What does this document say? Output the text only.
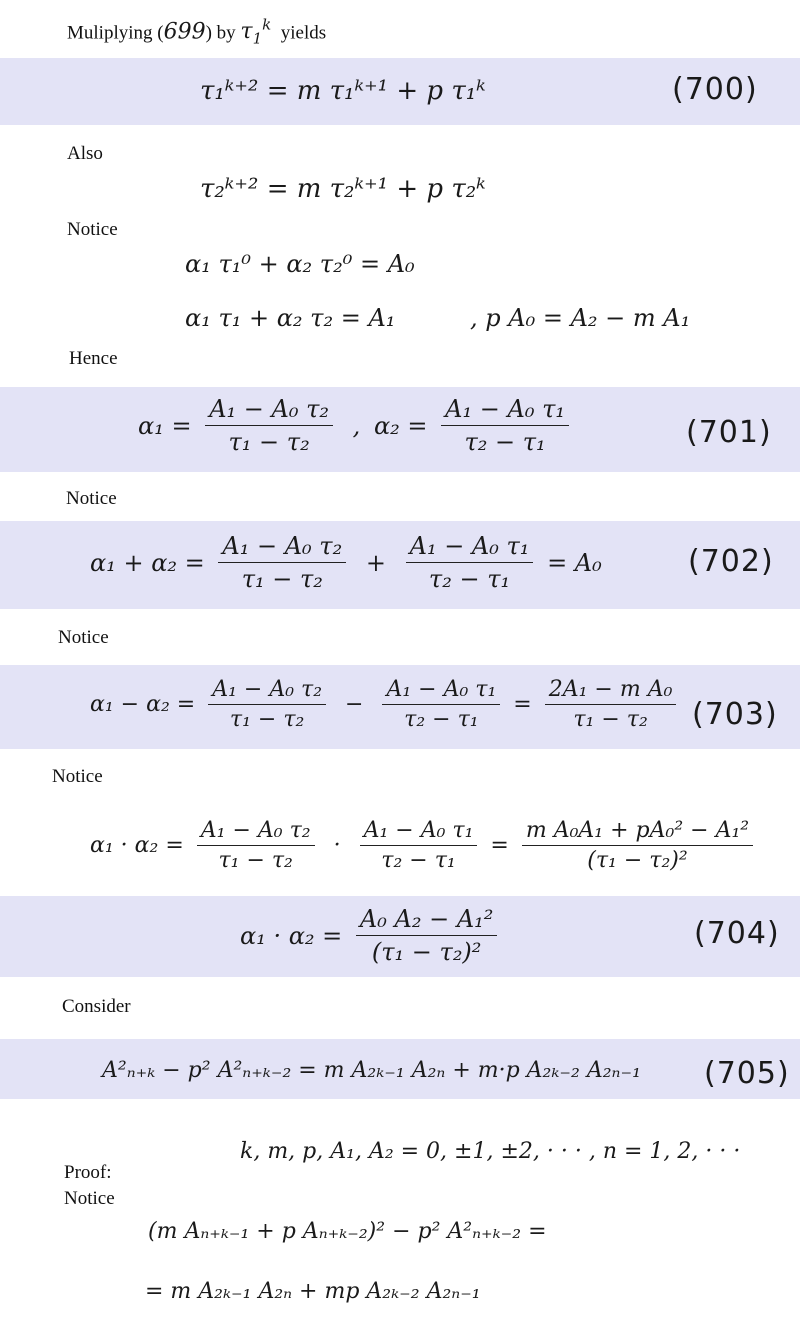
Muliplying (699) by $\tau_1^k$ yields
τ₁ᵏ⁺² = m τ₁ᵏ⁺¹ + p τ₁ᵏ	(700)
Also
τ₂ᵏ⁺² = m τ₂ᵏ⁺¹ + p τ₂ᵏ
Notice
α₁ τ₁⁰ + α₂ τ₂⁰ = A₀
α₁ τ₁ + α₂ τ₂ = A₁	, p A₀ = A₂ − m A₁
Hence
$\alpha_1 = \frac{\text{A₁ − A₀ τ₂}}{\text{τ₁ − τ₂}}$ , $\alpha_2 = \frac{\text{A₁ − A₀ τ₁}}{\text{τ₂ − τ₁}}$	(701)
Notice
$\alpha_1 + \alpha_2 = \frac{\text{A₁ − A₀ τ₂}}{\text{τ₁ − τ₂}} + \frac{\text{A₁ − A₀ τ₁}}{\text{τ₂ − τ₁}} = A_0$	(702)
Notice
$\alpha_1 - \alpha_2 = \frac{\text{A₁ − A₀ τ₂}}{\text{τ₁ − τ₂}} - \frac{\text{A₁ − A₀ τ₁}}{\text{τ₂ − τ₁}} = \frac{\text{2A₁ − m A₀}}{\text{τ₁ − τ₂}} (703)$
Notice
$\alpha_1 \cdot \alpha_2 = \frac{\text{A₁ − A₀ τ₂}}{\text{τ₁ − τ₂}} \cdot \frac{\text{A₁ − A₀ τ₁}}{\text{τ₂ − τ₁}} = \frac{\text{m A₀A₁ + pA₀² − A₁²}}{\text{(τ₁ − τ₂)²}}$
$\alpha_1 \cdot \alpha_2 = \frac{\text{A₀ A₂ − A₁²}}{\text{(τ₁ − τ₂)²}}$	(704)
Consider
A²ₙ₊ₖ − p² A²ₙ₊ₖ₋₂ = m A₂ₖ₋₁ A₂ₙ + m·p A₂ₖ₋₂ A₂ₙ₋₁ (705)
k, m, p, A₁, A₂ = 0, ±1, ±2, · · · , n = 1, 2, · · ·
Proof:
Notice
(m Aₙ₊ₖ₋₁ + p Aₙ₊ₖ₋₂)² − p² A²ₙ₊ₖ₋₂ =
= m A₂ₖ₋₁ A₂ₙ + mp A₂ₖ₋₂ A₂ₙ₋₁
